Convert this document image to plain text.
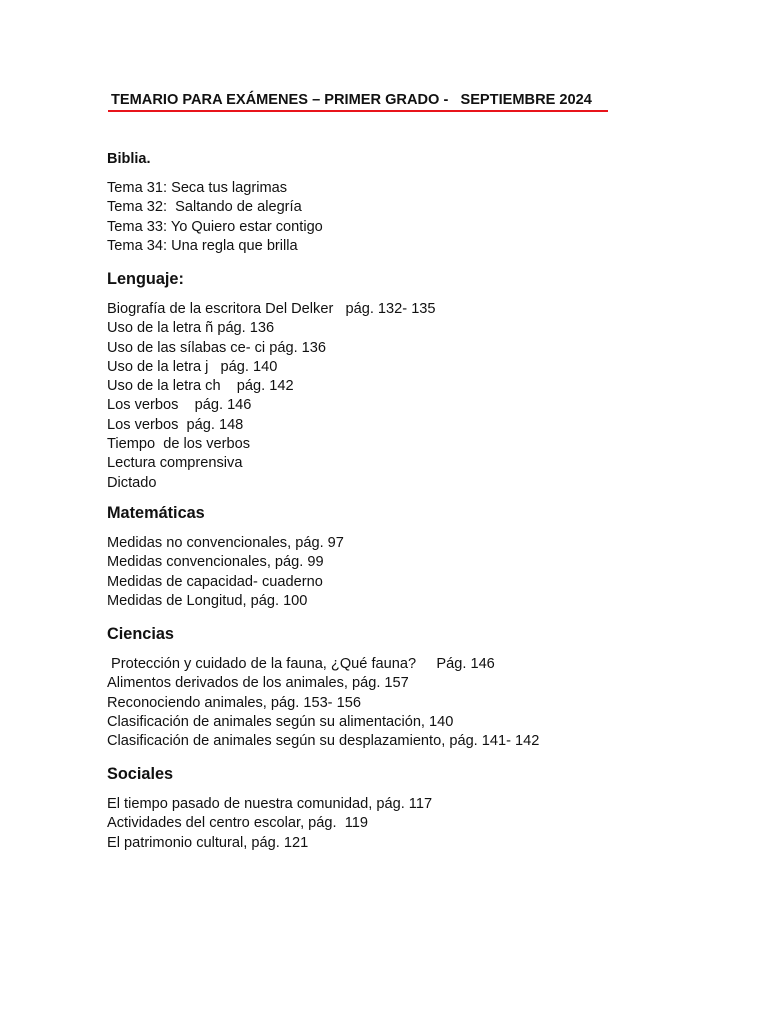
TEMARIO PARA EXÁMENES – PRIMER GRADO -   SEPTIEMBRE 2024
Biblia.
Tema 31: Seca tus lagrimas
Tema 32:  Saltando de alegría
Tema 33: Yo Quiero estar contigo
Tema 34: Una regla que brilla
Lenguaje:
Biografía de la escritora Del Delker   pág. 132- 135
Uso de la letra ñ pág. 136
Uso de las sílabas ce- ci pág. 136
Uso de la letra j   pág. 140
Uso de la letra ch    pág. 142
Los verbos    pág. 146
Los verbos  pág. 148
Tiempo  de los verbos
Lectura comprensiva
Dictado
Matemáticas
Medidas no convencionales, pág. 97
Medidas convencionales, pág. 99
Medidas de capacidad- cuaderno
Medidas de Longitud, pág. 100
Ciencias
Protección y cuidado de la fauna, ¿Qué fauna?     Pág. 146
Alimentos derivados de los animales, pág. 157
Reconociendo animales, pág. 153- 156
Clasificación de animales según su alimentación, 140
Clasificación de animales según su desplazamiento, pág. 141- 142
Sociales
El tiempo pasado de nuestra comunidad, pág. 117
Actividades del centro escolar, pág.  119
El patrimonio cultural, pág. 121
